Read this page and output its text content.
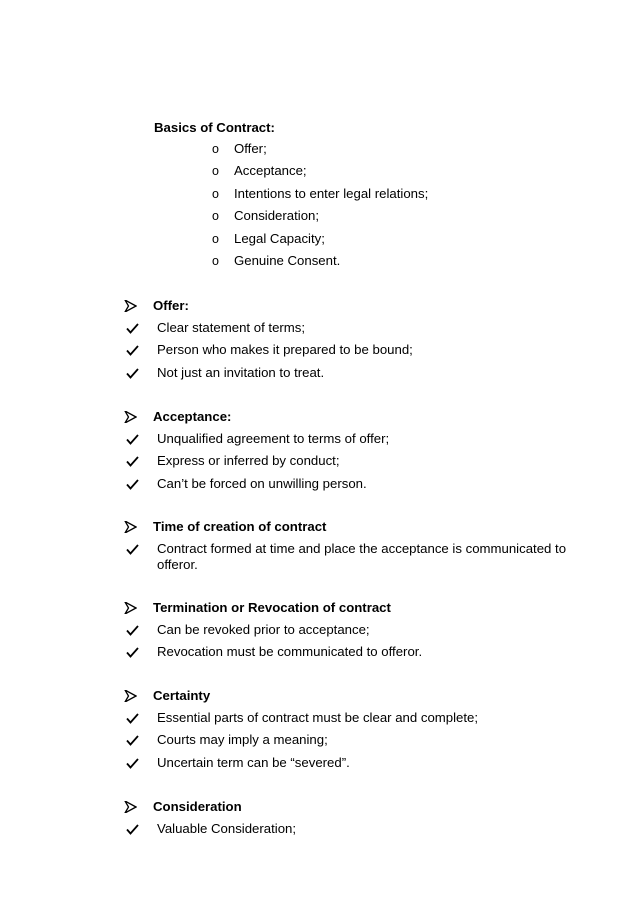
Basics of Contract:
o	Offer;
o	Acceptance;
o	Intentions to enter legal relations;
o	Consideration;
o	Legal Capacity;
o	Genuine Consent.
Offer:
Clear statement of terms;
Person who makes it prepared to be bound;
Not just an invitation to treat.
Acceptance:
Unqualified agreement to terms of offer;
Express or inferred by conduct;
Can’t be forced on unwilling person.
Time of creation of contract
Contract formed at time and place the acceptance is communicated to offeror.
Termination or Revocation of contract
Can be revoked prior to acceptance;
Revocation must be communicated to offeror.
Certainty
Essential parts of contract must be clear and complete;
Courts may imply a meaning;
Uncertain term can be “severed”.
Consideration
Valuable Consideration;
